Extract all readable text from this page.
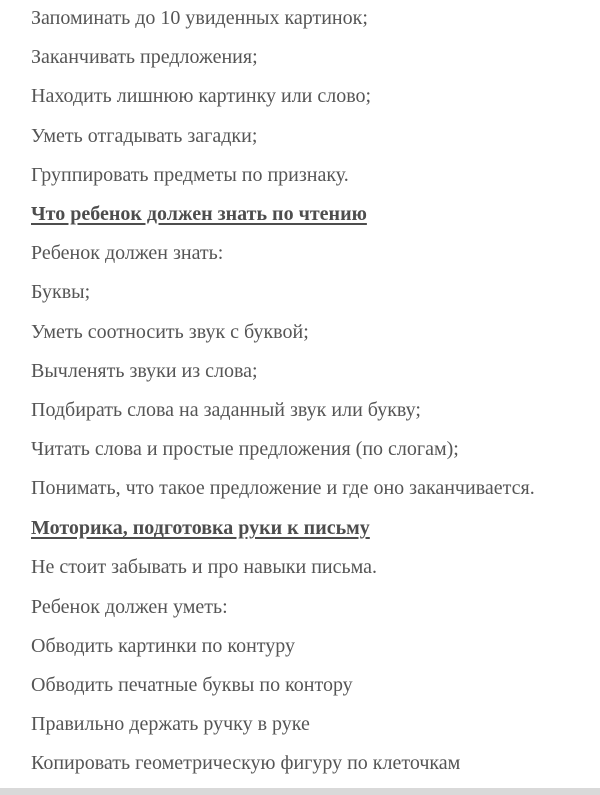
Запоминать до 10 увиденных картинок;

Заканчивать предложения;

Находить лишнюю картинку или слово;

Уметь отгадывать загадки;

Группировать предметы по признаку.

Что ребенок должен знать по чтению

Ребенок должен знать:

Буквы;

Уметь соотносить звук с буквой;

Вычленять звуки из слова;

Подбирать слова на заданный звук или букву;

Читать слова и простые предложения (по слогам);

Понимать, что такое предложение и где оно заканчивается.

Моторика, подготовка руки к письму

Не стоит забывать и про навыки письма.

Ребенок должен уметь:

Обводить картинки по контуру

Обводить печатные буквы по контору

Правильно держать ручку в руке

Копировать геометрическую фигуру по клеточкам
